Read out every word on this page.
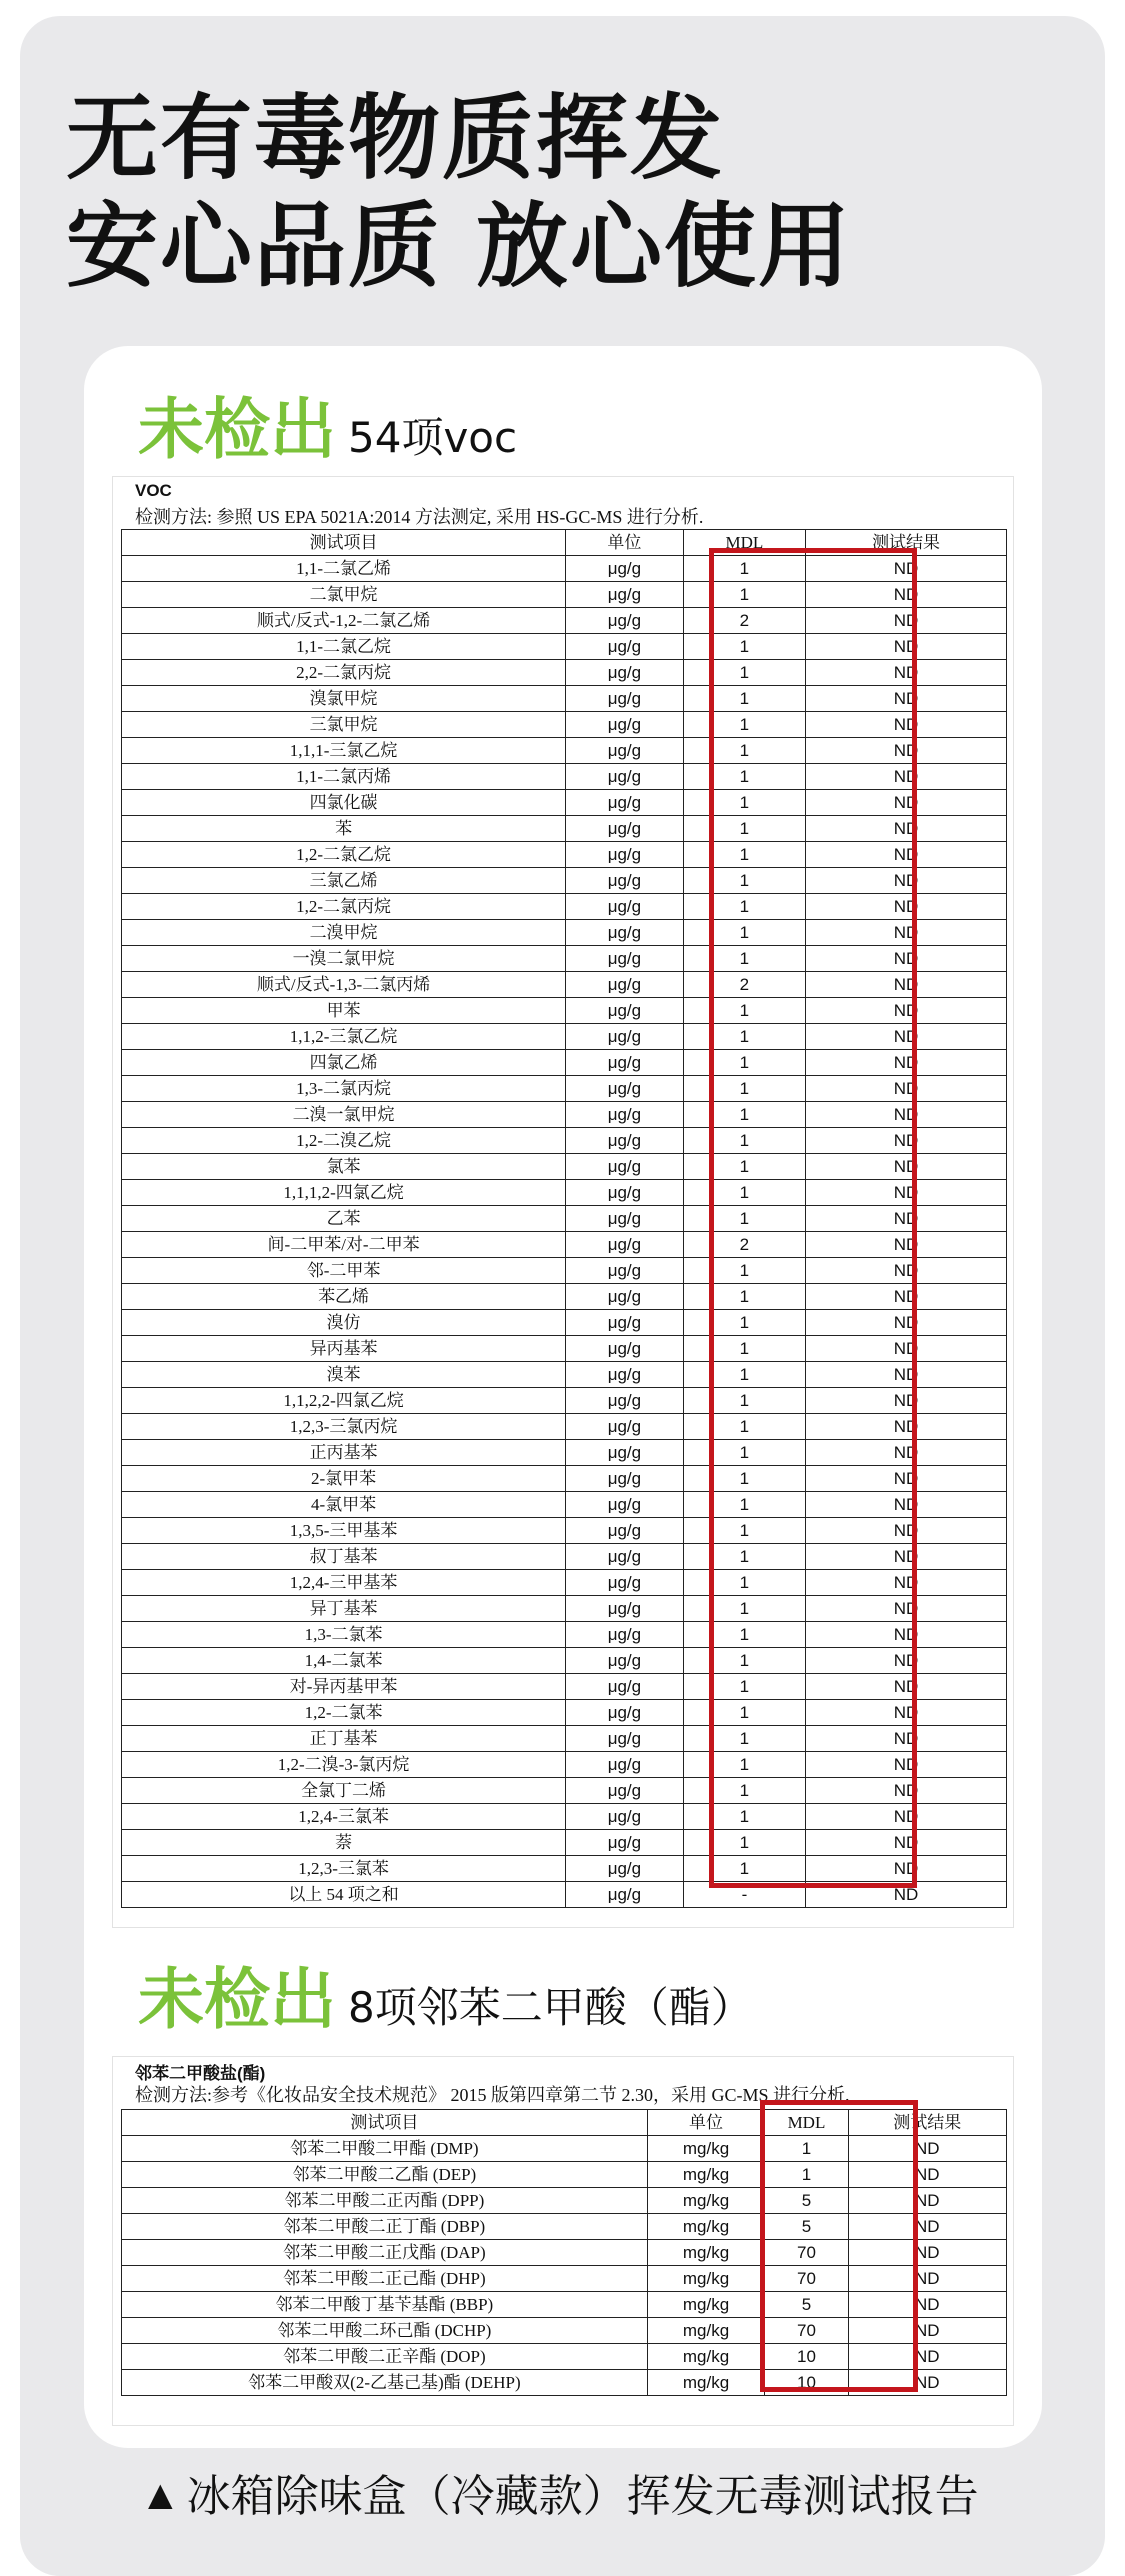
无有毒物质挥发
安心品质 放心使用
未检出 54项voc
VOC
检测方法: 参照 US EPA 5021A:2014 方法测定, 采用 HS-GC-MS 进行分析.
测试项目	单位	MDL	测试结果
1,1-二氯乙烯	μg/g	1	ND
二氯甲烷	μg/g	1	ND
顺式/反式-1,2-二氯乙烯	μg/g	2	ND
1,1-二氯乙烷	μg/g	1	ND
2,2-二氯丙烷	μg/g	1	ND
溴氯甲烷	μg/g	1	ND
三氯甲烷	μg/g	1	ND
1,1,1-三氯乙烷	μg/g	1	ND
1,1-二氯丙烯	μg/g	1	ND
四氯化碳	μg/g	1	ND
苯	μg/g	1	ND
1,2-二氯乙烷	μg/g	1	ND
三氯乙烯	μg/g	1	ND
1,2-二氯丙烷	μg/g	1	ND
二溴甲烷	μg/g	1	ND
一溴二氯甲烷	μg/g	1	ND
顺式/反式-1,3-二氯丙烯	μg/g	2	ND
甲苯	μg/g	1	ND
1,1,2-三氯乙烷	μg/g	1	ND
四氯乙烯	μg/g	1	ND
1,3-二氯丙烷	μg/g	1	ND
二溴一氯甲烷	μg/g	1	ND
1,2-二溴乙烷	μg/g	1	ND
氯苯	μg/g	1	ND
1,1,1,2-四氯乙烷	μg/g	1	ND
乙苯	μg/g	1	ND
间-二甲苯/对-二甲苯	μg/g	2	ND
邻-二甲苯	μg/g	1	ND
苯乙烯	μg/g	1	ND
溴仿	μg/g	1	ND
异丙基苯	μg/g	1	ND
溴苯	μg/g	1	ND
1,1,2,2-四氯乙烷	μg/g	1	ND
1,2,3-三氯丙烷	μg/g	1	ND
正丙基苯	μg/g	1	ND
2-氯甲苯	μg/g	1	ND
4-氯甲苯	μg/g	1	ND
1,3,5-三甲基苯	μg/g	1	ND
叔丁基苯	μg/g	1	ND
1,2,4-三甲基苯	μg/g	1	ND
异丁基苯	μg/g	1	ND
1,3-二氯苯	μg/g	1	ND
1,4-二氯苯	μg/g	1	ND
对-异丙基甲苯	μg/g	1	ND
1,2-二氯苯	μg/g	1	ND
正丁基苯	μg/g	1	ND
1,2-二溴-3-氯丙烷	μg/g	1	ND
全氯丁二烯	μg/g	1	ND
1,2,4-三氯苯	μg/g	1	ND
萘	μg/g	1	ND
1,2,3-三氯苯	μg/g	1	ND
以上 54 项之和	μg/g	-	ND
未检出 8项邻苯二甲酸（酯）
邻苯二甲酸盐(酯)
检测方法:参考《化妆品安全技术规范》 2015 版第四章第二节 2.30，采用 GC-MS 进行分析.
测试项目	单位	MDL	测试结果
邻苯二甲酸二甲酯 (DMP)	mg/kg	1	ND
邻苯二甲酸二乙酯 (DEP)	mg/kg	1	ND
邻苯二甲酸二正丙酯 (DPP)	mg/kg	5	ND
邻苯二甲酸二正丁酯 (DBP)	mg/kg	5	ND
邻苯二甲酸二正戊酯 (DAP)	mg/kg	70	ND
邻苯二甲酸二正己酯 (DHP)	mg/kg	70	ND
邻苯二甲酸丁基苄基酯 (BBP)	mg/kg	5	ND
邻苯二甲酸二环己酯 (DCHP)	mg/kg	70	ND
邻苯二甲酸二正辛酯 (DOP)	mg/kg	10	ND
邻苯二甲酸双(2-乙基己基)酯 (DEHP)	mg/kg	10	ND
▲ 冰箱除味盒（冷藏款）挥发无毒测试报告
